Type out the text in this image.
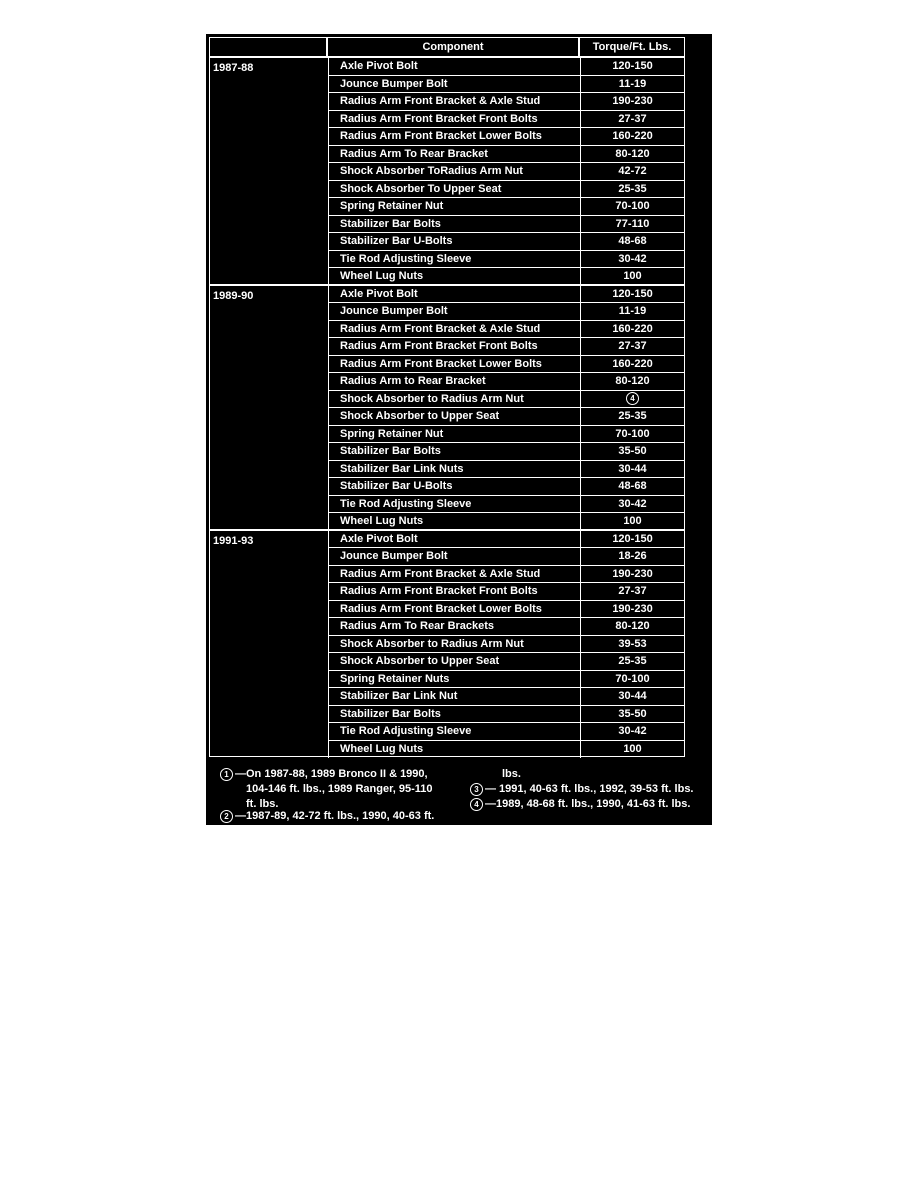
Component	Torque/Ft. Lbs.
1987-88	Axle Pivot Bolt	120-150
Jounce Bumper Bolt	11-19
Radius Arm Front Bracket & Axle Stud	190-230
Radius Arm Front Bracket Front Bolts	27-37
Radius Arm Front Bracket Lower Bolts	160-220
Radius Arm To Rear Bracket	80-120
Shock Absorber ToRadius Arm Nut	42-72
Shock Absorber To Upper Seat	25-35
Spring Retainer Nut	70-100
Stabilizer Bar Bolts	77-110
Stabilizer Bar U-Bolts	48-68
Tie Rod Adjusting Sleeve	30-42
Wheel Lug Nuts	100
1989-90	Axle Pivot Bolt	120-150
Jounce Bumper Bolt	11-19
Radius Arm Front Bracket & Axle Stud	160-220
Radius Arm Front Bracket Front Bolts	27-37
Radius Arm Front Bracket Lower Bolts	160-220
Radius Arm to Rear Bracket	80-120
Shock Absorber to Radius Arm Nut	4
Shock Absorber to Upper Seat	25-35
Spring Retainer Nut	70-100
Stabilizer Bar Bolts	35-50
Stabilizer Bar Link Nuts	30-44
Stabilizer Bar U-Bolts	48-68
Tie Rod Adjusting Sleeve	30-42
Wheel Lug Nuts	100
1991-93	Axle Pivot Bolt	120-150
Jounce Bumper Bolt	18-26
Radius Arm Front Bracket & Axle Stud	190-230
Radius Arm Front Bracket Front Bolts	27-37
Radius Arm Front Bracket Lower Bolts	190-230
Radius Arm To Rear Brackets	80-120
Shock Absorber to Radius Arm Nut	39-53
Shock Absorber to Upper Seat	25-35
Spring Retainer Nuts	70-100
Stabilizer Bar Link Nut	30-44
Stabilizer Bar Bolts	35-50
Tie Rod Adjusting Sleeve	30-42
Wheel Lug Nuts	100
1 —On 1987-88, 1989 Bronco II & 1990,
104-146 ft. lbs., 1989 Ranger, 95-110
ft. lbs.
2 —1987-89, 42-72 ft. lbs., 1990, 40-63 ft.
lbs.
3 — 1991, 40-63 ft. lbs., 1992, 39-53 ft. lbs.
4 —1989, 48-68 ft. lbs., 1990, 41-63 ft. lbs.
